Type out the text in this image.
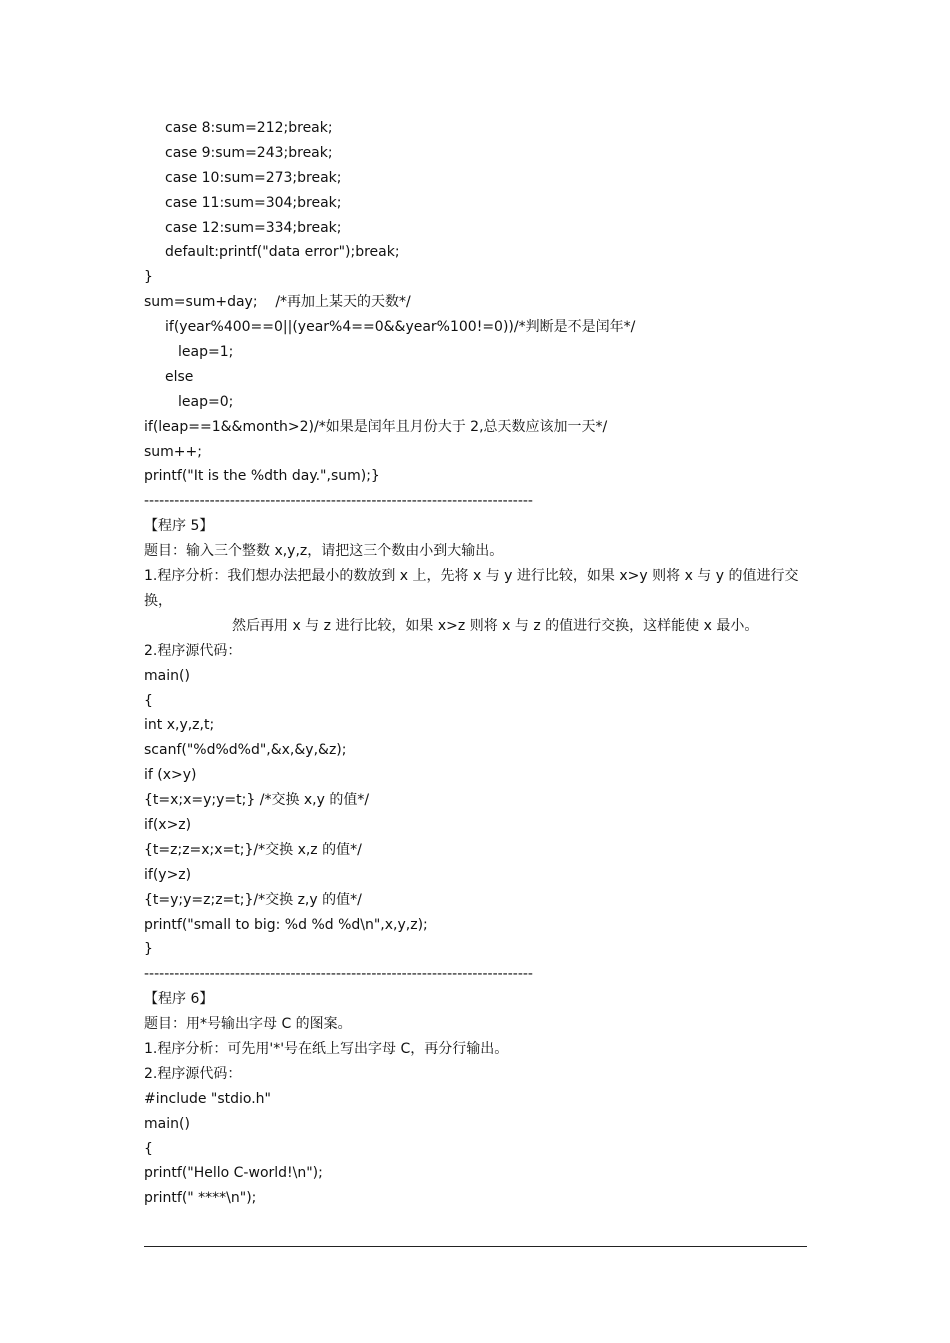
case 8:sum=212;break;
case 9:sum=243;break;
case 10:sum=273;break;
case 11:sum=304;break;
case 12:sum=334;break;
default:printf("data error");break;
}
sum=sum+day;    /*再加上某天的天数*/
if(year%400==0||(year%4==0&&year%100!=0))/*判断是不是闰年*/
leap=1;
else
leap=0;
if(leap==1&&month>2)/*如果是闰年且月份大于 2,总天数应该加一天*/
sum++;
printf("It is the %dth day.",sum);}
-----------------------------------------------------------------------------
【程序 5】
题目：输入三个整数 x,y,z，请把这三个数由小到大输出。
1.程序分析：我们想办法把最小的数放到 x 上，先将 x 与 y 进行比较，如果 x>y 则将 x 与 y 的值进行交换，
然后再用 x 与 z 进行比较，如果 x>z 则将 x 与 z 的值进行交换，这样能使 x 最小。
2.程序源代码：
main()
{
int x,y,z,t;
scanf("%d%d%d",&x,&y,&z);
if (x>y)
{t=x;x=y;y=t;} /*交换 x,y 的值*/
if(x>z)
{t=z;z=x;x=t;}/*交换 x,z 的值*/
if(y>z)
{t=y;y=z;z=t;}/*交换 z,y 的值*/
printf("small to big: %d %d %d\n",x,y,z);
}
-----------------------------------------------------------------------------
【程序 6】
题目：用*号输出字母 C 的图案。
1.程序分析：可先用'*'号在纸上写出字母 C，再分行输出。
2.程序源代码：
#include "stdio.h"
main()
{
printf("Hello C-world!\n");
printf(" ****\n");
